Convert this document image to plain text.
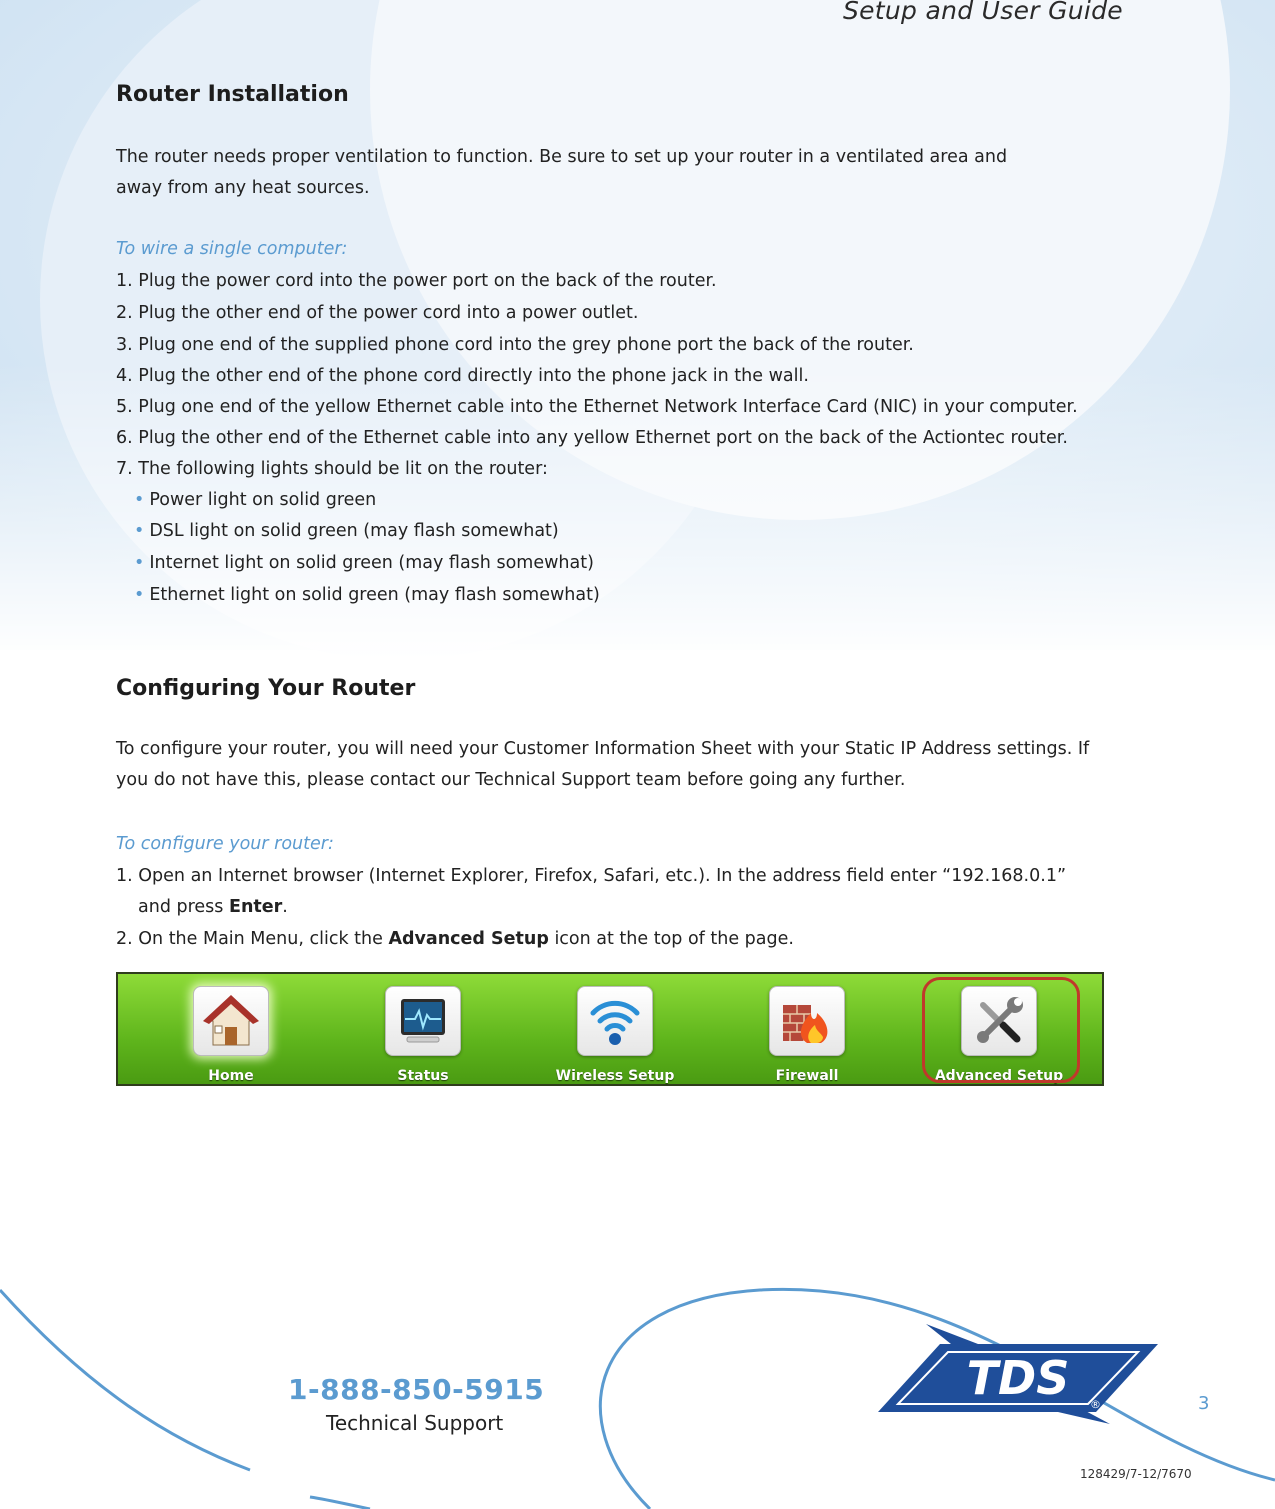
Setup and User Guide
Router Installation
The router needs proper ventilation to function. Be sure to set up your router in a ventilated area and
away from any heat sources.
To wire a single computer:
1. Plug the power cord into the power port on the back of the router.
2. Plug the other end of the power cord into a power outlet.
3. Plug one end of the supplied phone cord into the grey phone port the back of the router.
4. Plug the other end of the phone cord directly into the phone jack in the wall.
5. Plug one end of the yellow Ethernet cable into the Ethernet Network Interface Card (NIC) in your computer.
6. Plug the other end of the Ethernet cable into any yellow Ethernet port on the back of the Actiontec router.
7. The following lights should be lit on the router:
• Power light on solid green
• DSL light on solid green (may flash somewhat)
• Internet light on solid green (may flash somewhat)
• Ethernet light on solid green (may flash somewhat)
Configuring Your Router
To configure your router, you will need your Customer Information Sheet with your Static IP Address settings. If
you do not have this, please contact our Technical Support team before going any further.
To configure your router:
1. Open an Internet browser (Internet Explorer, Firefox, Safari, etc.). In the address field enter “192.168.0.1”
and press Enter.
2. On the Main Menu, click the Advanced Setup icon at the top of the page.
Home	Status	Wireless Setup	Firewall	Advanced Setup
1-888-850-5915
Technical Support
TDS ®	3
128429/7-12/7670
